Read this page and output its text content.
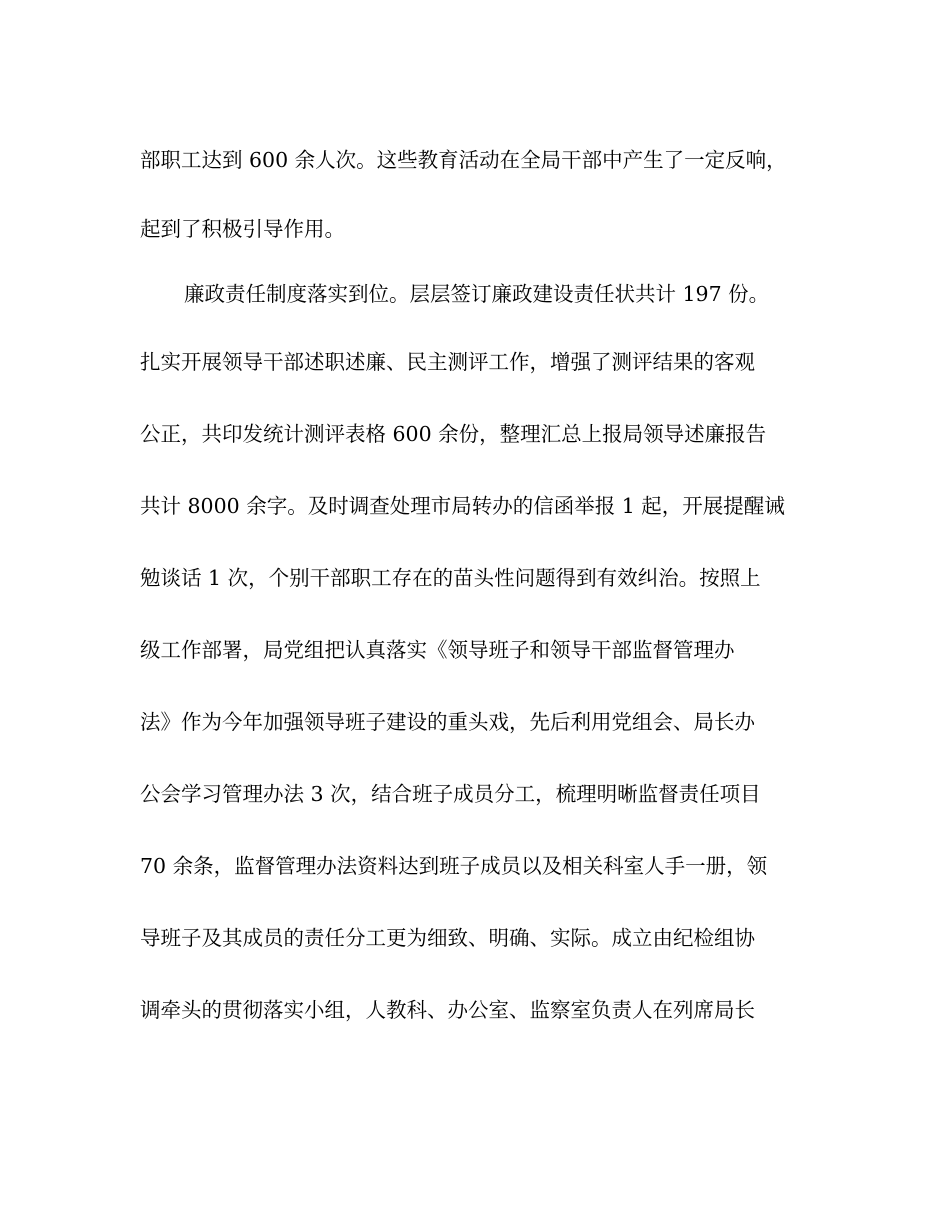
部职工达到 600 余人次。这些教育活动在全局干部中产生了一定反响，
起到了积极引导作用。
廉政责任制度落实到位。层层签订廉政建设责任状共计 197 份。
扎实开展领导干部述职述廉、民主测评工作，增强了测评结果的客观
公正，共印发统计测评表格 600 余份，整理汇总上报局领导述廉报告
共计 8000 余字。及时调查处理市局转办的信函举报 1 起，开展提醒诫
勉谈话 1 次，个别干部职工存在的苗头性问题得到有效纠治。按照上
级工作部署，局党组把认真落实《领导班子和领导干部监督管理办
法》作为今年加强领导班子建设的重头戏，先后利用党组会、局长办
公会学习管理办法 3 次，结合班子成员分工，梳理明晰监督责任项目
70 余条，监督管理办法资料达到班子成员以及相关科室人手一册，领
导班子及其成员的责任分工更为细致、明确、实际。成立由纪检组协
调牵头的贯彻落实小组，人教科、办公室、监察室负责人在列席局长
